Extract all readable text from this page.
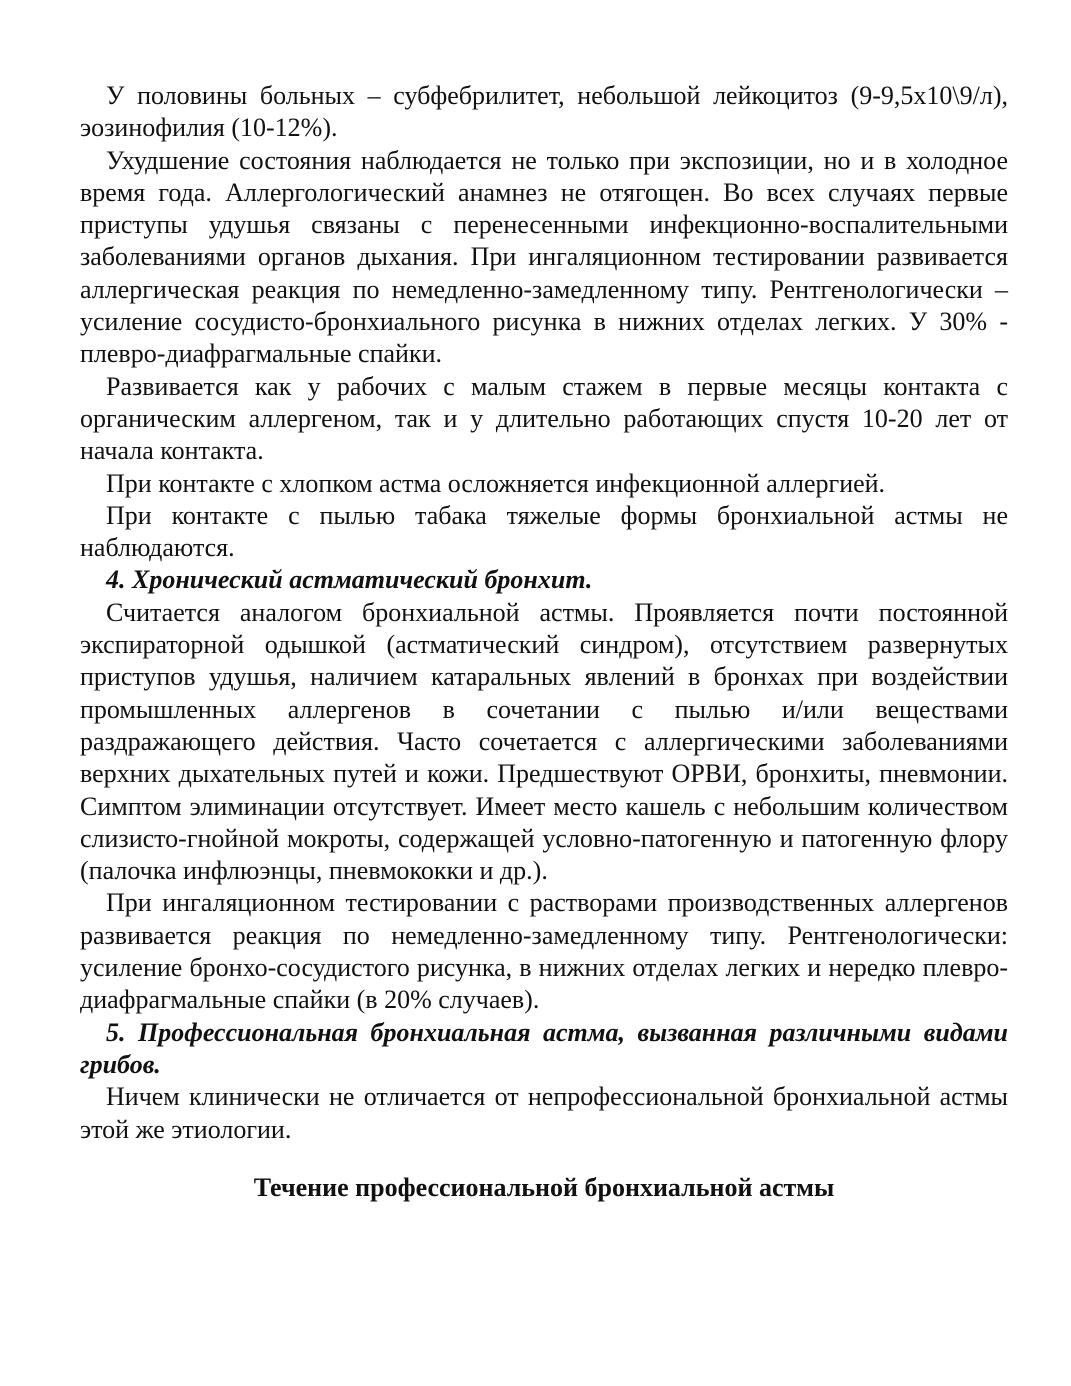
У половины больных – субфебрилитет, небольшой лейкоцитоз (9-9,5х10\9/л), эозинофилия (10-12%).

Ухудшение состояния наблюдается не только при экспозиции, но и в холодное время года. Аллергологический анамнез не отягощен. Во всех случаях первые приступы удушья связаны с перенесенными инфекционно-воспалительными заболеваниями органов дыхания. При ингаляционном тестировании развивается аллергическая реакция по немедленно-замедленному типу. Рентгенологически – усиление сосудисто-бронхиального рисунка в нижних отделах легких. У 30% - плевро-диафрагмальные спайки.

Развивается как у рабочих с малым стажем в первые месяцы контакта с органическим аллергеном, так и у длительно работающих спустя 10-20 лет от начала контакта.

При контакте с хлопком астма осложняется инфекционной аллергией.

При контакте с пылью табака тяжелые формы бронхиальной астмы не наблюдаются.

4. Хронический астматический бронхит.

Считается аналогом бронхиальной астмы. Проявляется почти постоянной экспираторной одышкой (астматический синдром), отсутствием развернутых приступов удушья, наличием катаральных явлений в бронхах при воздействии промышленных аллергенов в сочетании с пылью и/или веществами раздражающего действия. Часто сочетается с аллергическими заболеваниями верхних дыхательных путей и кожи. Предшествуют ОРВИ, бронхиты, пневмонии. Симптом элиминации отсутствует. Имеет место кашель с небольшим количеством слизисто-гнойной мокроты, содержащей условно-патогенную и патогенную флору (палочка инфлюэнцы, пневмококки и др.).

При ингаляционном тестировании с растворами производственных аллергенов развивается реакция по немедленно-замедленному типу. Рентгенологически: усиление бронхо-сосудистого рисунка, в нижних отделах легких и нередко плевро-диафрагмальные спайки (в 20% случаев).

5. Профессиональная бронхиальная астма, вызванная различными видами грибов.

Ничем клинически не отличается от непрофессиональной бронхиальной астмы этой же этиологии.

Течение профессиональной бронхиальной астмы
